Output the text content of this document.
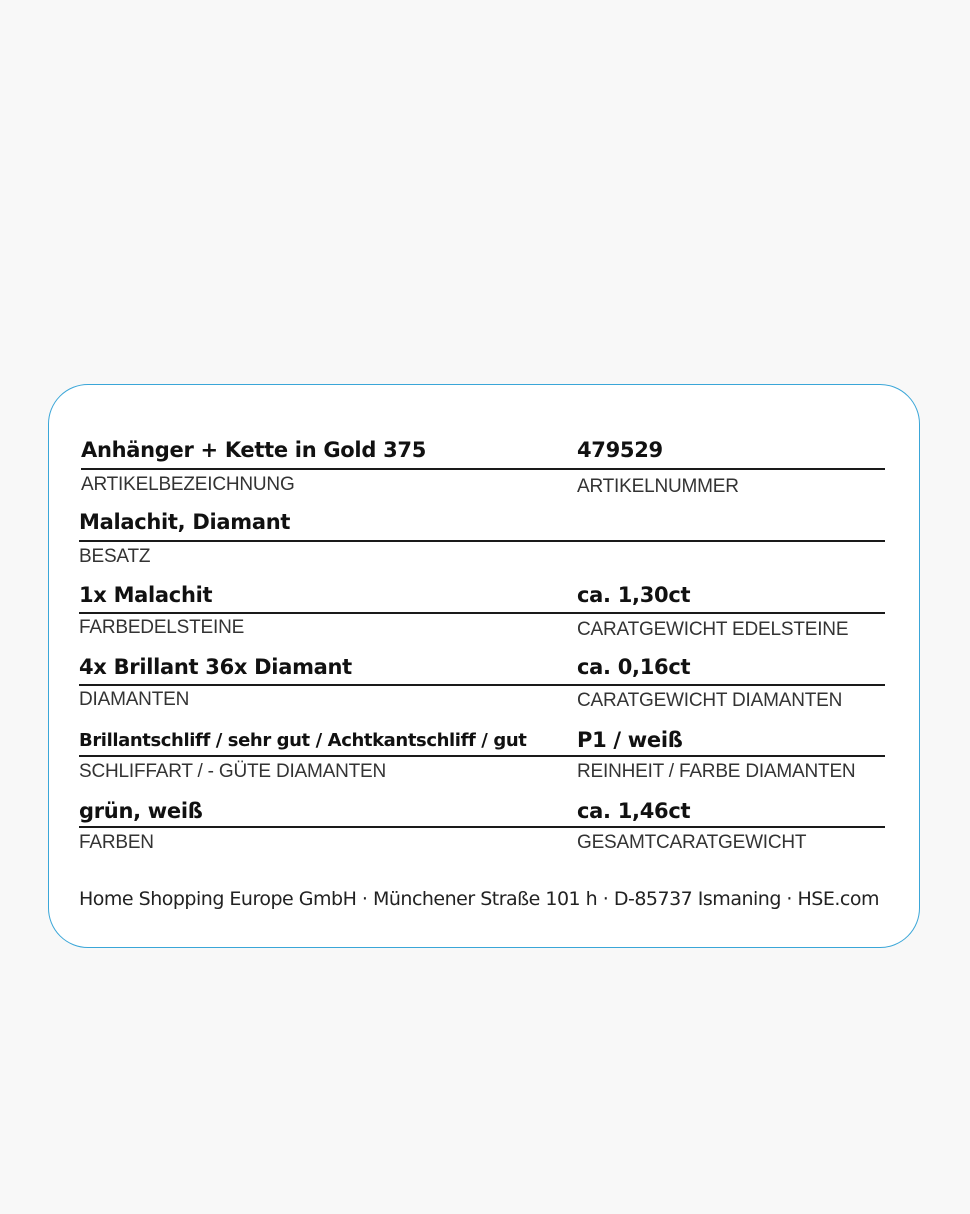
Anhänger + Kette in Gold 375
ARTIKELBEZEICHNUNG
479529
ARTIKELNUMMER
Malachit, Diamant
BESATZ
1x Malachit
FARBEDELSTEINE
ca. 1,30ct
CARATGEWICHT EDELSTEINE
4x Brillant 36x Diamant
DIAMANTEN
ca. 0,16ct
CARATGEWICHT DIAMANTEN
Brillantschliff / sehr gut / Achtkantschliff / gut
SCHLIFFART / - GÜTE DIAMANTEN
P1 / weiß
REINHEIT / FARBE DIAMANTEN
grün, weiß
FARBEN
ca. 1,46ct
GESAMTCARATGEWICHT
Home Shopping Europe GmbH · Münchener Straße 101 h · D-85737 Ismaning · HSE.com
